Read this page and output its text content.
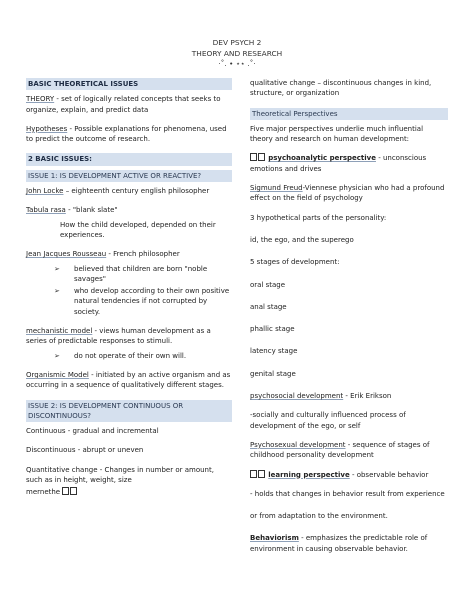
DEV PSYCH 2
THEORY AND RESEARCH
·˚. • ⋆⋆ .˚·
BASIC THEORETICAL ISSUES

THEORY - set of logically related concepts that seeks to organize, explain, and predict data

Hypotheses - Possible explanations for phenomena, used to predict the outcome of research.

2 BASIC ISSUES:
ISSUE 1: IS DEVELOPMENT ACTIVE OR REACTIVE?

John Locke – eighteenth century english philosopher

Tabula rasa - "blank slate"

How the child developed, depended on their experiences.

Jean Jacques Rousseau - French philosopher

➢ believed that children are born "noble savages"
➢ who develop according to their own positive natural tendencies if not corrupted by society.

mechanistic model - views human development as a series of predictable responses to stimuli.

➢ do not operate of their own will.

Organismic Model - initiated by an active organism and as occurring in a sequence of qualitatively different stages.

ISSUE 2: IS DEVELOPMENT CONTINUOUS OR DISCONTINUOUS?

Continuous - gradual and incremental

Discontinuous - abrupt or uneven

Quantitative change - Changes in number or amount, such as in height, weight, size

mernethe

qualitative change – discontinuous changes in kind, structure, or organization

Theoretical Perspectives

Five major perspectives underlie much influential theory and research on human development:

psychoanalytic perspective - unconscious emotions and drives

Sigmund Freud-Viennese physician who had a profound effect on the field of psychology

3 hypothetical parts of the personality:

id, the ego, and the superego

5 stages of development:

oral stage

anal stage

phallic stage

latency stage

genital stage

psychosocial development - Erik Erikson

-socially and culturally influenced process of development of the ego, or self

Psychosexual development - sequence of stages of childhood personality development

learning perspective - observable behavior

- holds that changes in behavior result from experience

or from adaptation to the environment.

Behaviorism - emphasizes the predictable role of environment in causing observable behavior.
